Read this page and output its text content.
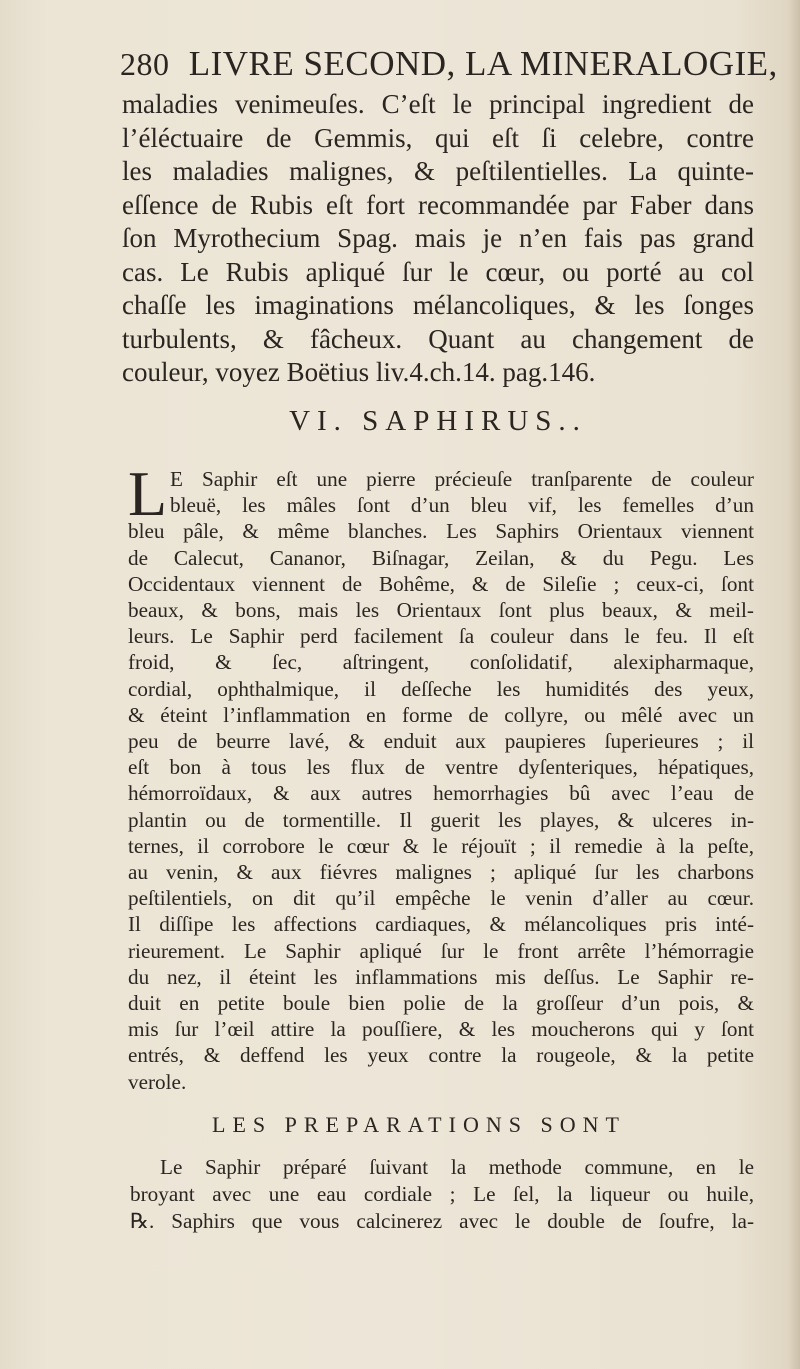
280 LIVRE SECOND, LA MINERALOGIE,
maladies venimeuſes. C’eſt le principal ingredient de
l’éléctuaire de Gemmis, qui eſt ſi celebre, contre
les maladies malignes, & peſtilentielles. La quinte-
eſſence de Rubis eſt fort recommandée par Faber dans
ſon Myrothecium Spag. mais je n’en fais pas grand
cas. Le Rubis apliqué ſur le cœur, ou porté au col
chaſſe les imaginations mélancoliques, & les ſonges
turbulents, & fâcheux. Quant au changement de
couleur, voyez Boëtius liv.4.ch.14. pag.146.
VI. SAPHIRUS..
L E Saphir eſt une pierre précieuſe tranſparente de couleur
bleuë, les mâles ſont d’un bleu vif, les femelles d’un
bleu pâle, & même blanches. Les Saphirs Orientaux viennent
de Calecut, Cananor, Biſnagar, Zeilan, & du Pegu. Les
Occidentaux viennent de Bohême, & de Sileſie ; ceux-ci, ſont
beaux, & bons, mais les Orientaux ſont plus beaux, & meil-
leurs. Le Saphir perd facilement ſa couleur dans le feu. Il eſt
froid, & ſec, aſtringent, conſolidatif, alexipharmaque,
cordial, ophthalmique, il deſſeche les humidités des yeux,
& éteint l’inflammation en forme de collyre, ou mêlé avec un
peu de beurre lavé, & enduit aux paupieres ſuperieures ; il
eſt bon à tous les flux de ventre dyſenteriques, hépatiques,
hémorroïdaux, & aux autres hemorrhagies bû avec l’eau de
plantin ou de tormentille. Il guerit les playes, & ulceres in-
ternes, il corrobore le cœur & le réjouït ; il remedie à la peſte,
au venin, & aux fiévres malignes ; apliqué ſur les charbons
peſtilentiels, on dit qu’il empêche le venin d’aller au cœur.
Il diſſipe les affections cardiaques, & mélancoliques pris inté-
rieurement. Le Saphir apliqué ſur le front arrête l’hémorragie
du nez, il éteint les inflammations mis deſſus. Le Saphir re-
duit en petite boule bien polie de la groſſeur d’un pois, &
mis ſur l’œil attire la pouſſiere, & les moucherons qui y ſont
entrés, & deffend les yeux contre la rougeole, & la petite
verole.
LES PREPARATIONS SONT
Le Saphir préparé ſuivant la methode commune, en le
broyant avec une eau cordiale ; Le ſel, la liqueur ou huile,
℞. Saphirs que vous calcinerez avec le double de ſoufre, la-
